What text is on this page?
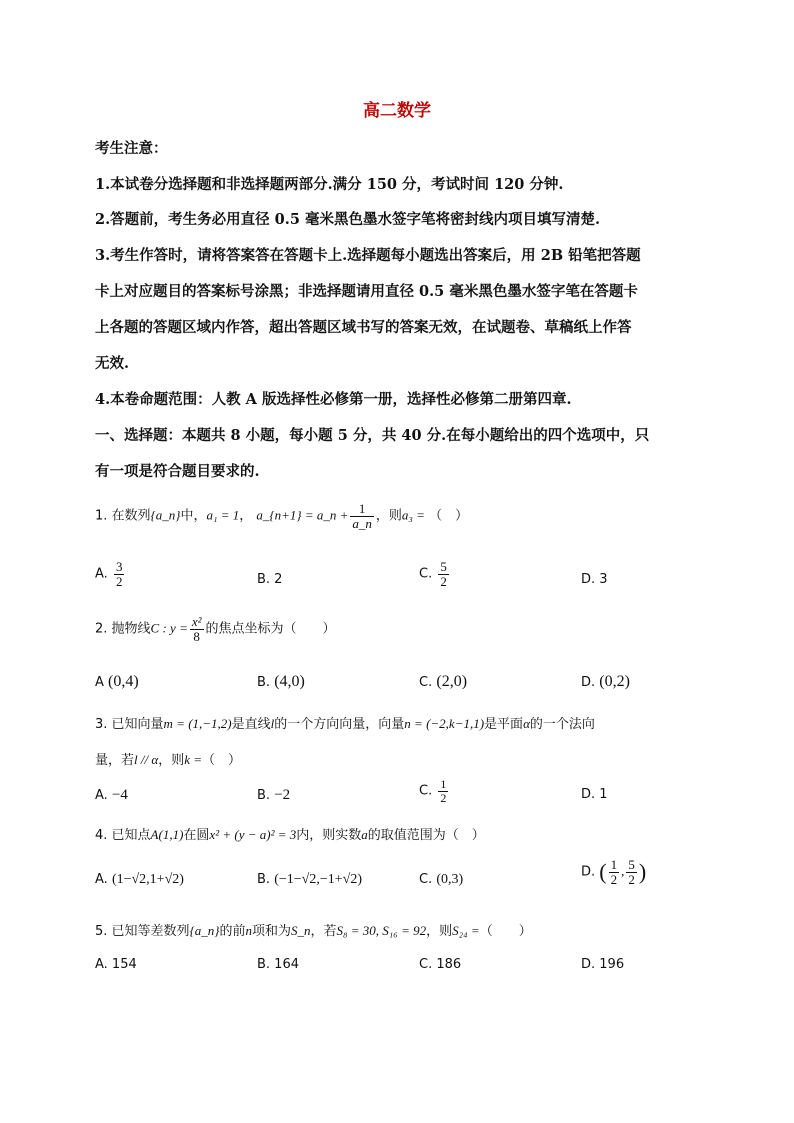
高二数学
考生注意：
1.本试卷分选择题和非选择题两部分.满分 150 分，考试时间 120 分钟.
2.答题前，考生务必用直径 0.5 毫米黑色墨水签字笔将密封线内项目填写清楚.
3.考生作答时，请将答案答在答题卡上.选择题每小题选出答案后，用 2B 铅笔把答题
卡上对应题目的答案标号涂黑；非选择题请用直径 0.5 毫米黑色墨水签字笔在答题卡
上各题的答题区域内作答，超出答题区域书写的答案无效，在试题卷、草稿纸上作答
无效.
4.本卷命题范围：人教 A 版选择性必修第一册，选择性必修第二册第四章.
一、选择题：本题共 8 小题，每小题 5 分，共 40 分.在每小题给出的四个选项中，只
有一项是符合题目要求的.
1. 在数列{a_n}中，a₁ = 1， a_{n+1} = a_n + $\frac{1}{a\_n}$ ，则a₃ = （　）
A. $\frac{3}{2}$	B. 2	C. $\frac{5}{2}$	D. 3
2. 抛物线C : $y = \frac{\text{x²}}{8}$ 的焦点坐标为（　　）
A (0,4)	B. (4,0)	C. (2,0)	D. (0,2)
3. 已知向量m = (1,−1,2)是直线l的一个方向向量，向量n = (−2,k−1,1)是平面α的一个法向
量，若l // α，则k =（　）
A. −4	B. −2	C. $\frac{1}{2}$	D. 1
4. 已知点A(1,1)在圆x² + (y − a)² = 3内，则实数a的取值范围为（　）
A. (1−√2,1+√2)	B. (−1−√2,−1+√2)	C. (0,3)	D. ( $\frac{1}{2}$ , $\frac{5}{2}$ )
5. 已知等差数列{a_n}的前n项和为S_n，若S₈ = 30, S₁₆ = 92，则S₂₄ =（　　）
A. 154	B. 164	C. 186	D. 196
